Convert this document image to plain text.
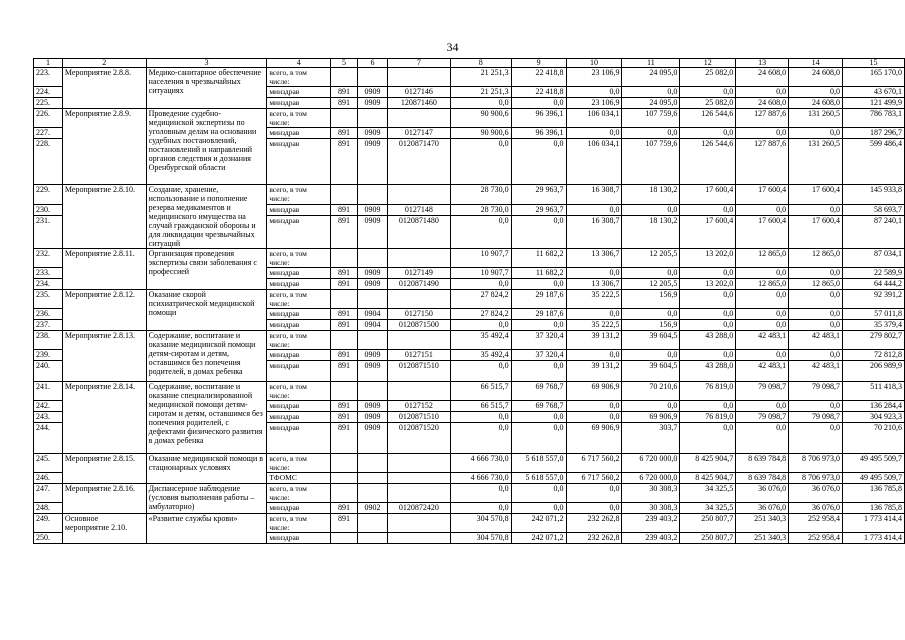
34
1	2	3	4	5	6	7	8	9	10	11	12	13	14	15
223.	Мероприятие 2.8.8.	Медико-санитарное обеспечение населения в чрезвычайных ситуациях	всего, в том числе:				21 251,3	22 418,8	23 106,9	24 095,0	25 082,0	24 608,0	24 608,0	165 170,0
224.			минздрав	891	0909	0127146	21 251,3	22 418,8	0,0	0,0	0,0	0,0	0,0	43 670,1
225.			минздрав	891	0909	120871460	0,0	0,0	23 106,9	24 095,0	25 082,0	24 608,0	24 608,0	121 499,9
226.	Мероприятие 2.8.9.	Проведение судебно-медицинской экспертизы по уголовным делам на основании судебных постановлений, постановлений и направлений органов следствия и дознания Оренбургской области	всего, в том числе:				90 900,6	96 396,1	106 034,1	107 759,6	126 544,6	127 887,6	131 260,5	786 783,1
227.			минздрав	891	0909	0127147	90 900,6	96 396,1	0,0	0,0	0,0	0,0	0,0	187 296,7
228.			минздрав	891	0909	0120871470	0,0	0,0	106 034,1	107 759,6	126 544,6	127 887,6	131 260,5	599 486,4
229.	Мероприятие 2.8.10.	Создание, хранение, использование и пополнение резерва медикаментов и медицинского имущества на случай гражданской обороны и для ликвидации чрезвычайных ситуаций	всего, в том числе:				28 730,0	29 963,7	16 308,7	18 130,2	17 600,4	17 600,4	17 600,4	145 933,8
230.			минздрав	891	0909	0127148	28 730,0	29 963,7	0,0	0,0	0,0	0,0	0,0	58 693,7
231.			минздрав	891	0909	0120871480	0,0	0,0	16 308,7	18 130,2	17 600,4	17 600,4	17 600,4	87 240,1
232.	Мероприятие 2.8.11.	Организация проведения экспертизы связи заболевания с профессией	всего, в том числе:				10 907,7	11 682,2	13 306,7	12 205,5	13 202,0	12 865,0	12 865,0	87 034,1
233.			минздрав	891	0909	0127149	10 907,7	11 682,2	0,0	0,0	0,0	0,0	0,0	22 589,9
234.			минздрав	891	0909	0120871490	0,0	0,0	13 306,7	12 205,5	13 202,0	12 865,0	12 865,0	64 444,2
235.	Мероприятие 2.8.12.	Оказание скорой психиатрической медицинской помощи	всего, в том числе:				27 824,2	29 187,6	35 222,5	156,9	0,0	0,0	0,0	92 391,2
236.			минздрав	891	0904	0127150	27 824,2	29 187,6	0,0	0,0	0,0	0,0	0,0	57 011,8
237.			минздрав	891	0904	0120871500	0,0	0,0	35 222,5	156,9	0,0	0,0	0,0	35 379,4
238.	Мероприятие 2.8.13.	Содержание, воспитание и оказание медицинской помощи детям-сиротам и детям, оставшимся без попечения родителей, в домах ребенка	всего, в том числе:				35 492,4	37 320,4	39 131,2	39 604,5	43 288,0	42 483,1	42 483,1	279 802,7
239.			минздрав	891	0909	0127151	35 492,4	37 320,4	0,0	0,0	0,0	0,0	0,0	72 812,8
240.			минздрав	891	0909	0120871510	0,0	0,0	39 131,2	39 604,5	43 288,0	42 483,1	42 483,1	206 989,9
241.	Мероприятие 2.8.14.	Содержание, воспитание и оказание специализированной медицинской помощи детям-сиротам и детям, оставшимся без попечения родителей, с дефектами физического развития в домах ребенка	всего, в том числе:				66 515,7	69 768,7	69 906,9	70 210,6	76 819,0	79 098,7	79 098,7	511 418,3
242.			минздрав	891	0909	0127152	66 515,7	69 768,7	0,0	0,0	0,0	0,0	0,0	136 284,4
243.			минздрав	891	0909	0120871510	0,0	0,0	0,0	69 906,9	76 819,0	79 098,7	79 098,7	304 923,3
244.			минздрав	891	0909	0120871520	0,0	0,0	69 906,9	303,7	0,0	0,0	0,0	70 210,6
245.	Мероприятие 2.8.15.	Оказание медицинской помощи в стационарных условиях	всего, в том числе:				4 666 730,0	5 618 557,0	6 717 560,2	6 720 000,0	8 425 904,7	8 639 784,8	8 706 973,0	49 495 509,7
246.			ТФОМС				4 666 730,0	5 618 557,0	6 717 560,2	6 720 000,0	8 425 904,7	8 639 784,8	8 706 973,0	49 495 509,7
247.	Мероприятие 2.8.16.	Диспансерное наблюдение (условия выполнения работы – амбулаторно)	всего, в том числе:				0,0	0,0	0,0	30 308,3	34 325,5	36 076,0	36 076,0	136 785,8
248.			минздрав	891	0902	0120872420	0,0	0,0	0,0	30 308,3	34 325,5	36 076,0	36 076,0	136 785,8
249.	Основное мероприятие 2.10.	«Развитие службы крови»	всего, в том числе:	891			304 570,8	242 071,2	232 262,8	239 403,2	250 807,7	251 340,3	252 958,4	1 773 414,4
250.			минздрав				304 570,8	242 071,2	232 262,8	239 403,2	250 807,7	251 340,3	252 958,4	1 773 414,4
